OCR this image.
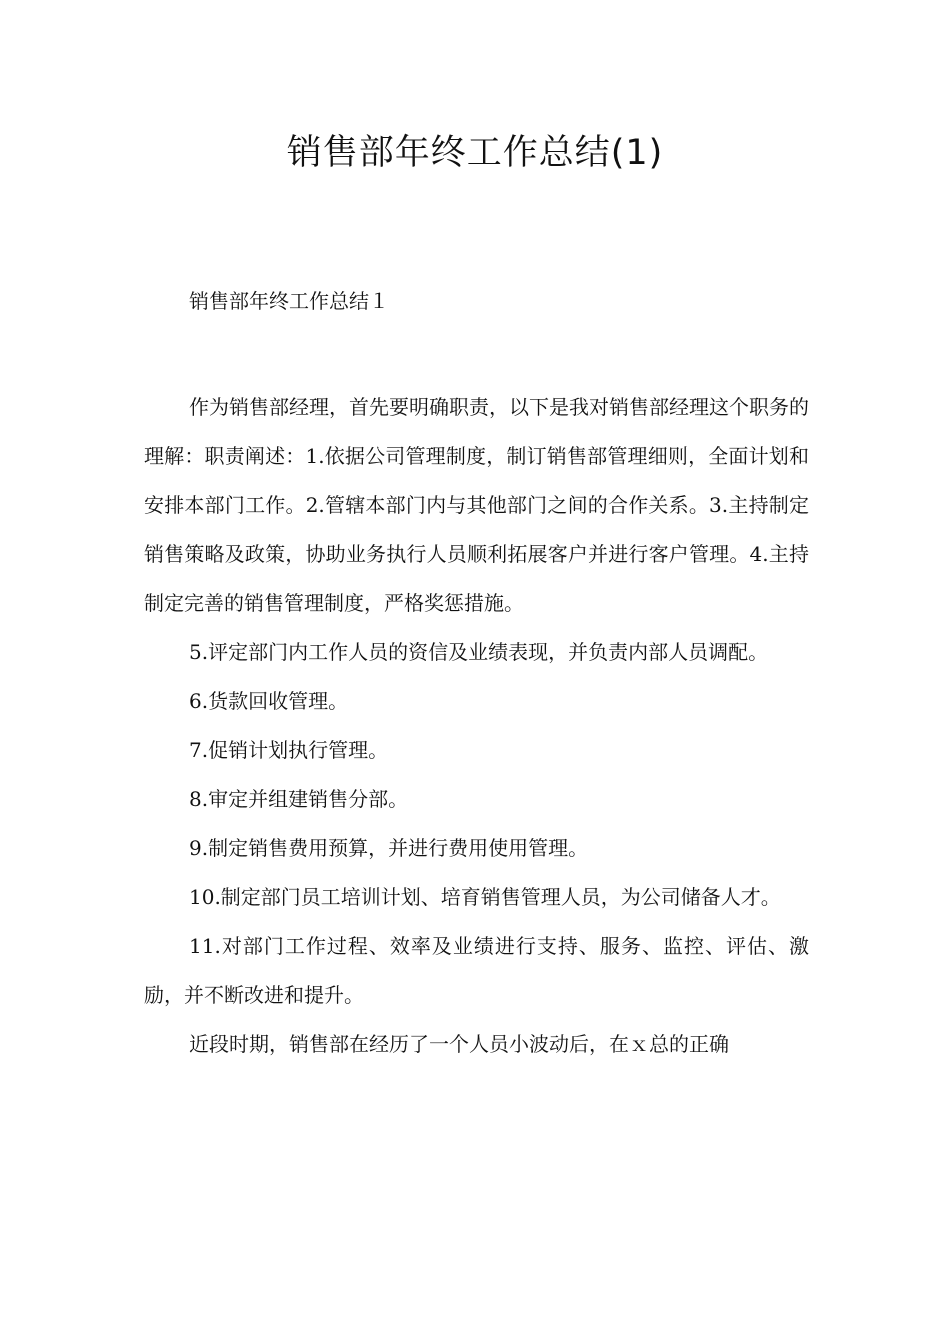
销售部年终工作总结(1)

销售部年终工作总结１

作为销售部经理，首先要明确职责，以下是我对销售部经理这个职务的理解：职责阐述：1.依据公司管理制度，制订销售部管理细则，全面计划和安排本部门工作。2.管辖本部门内与其他部门之间的合作关系。3.主持制定销售策略及政策，协助业务执行人员顺利拓展客户并进行客户管理。4.主持制定完善的销售管理制度，严格奖惩措施。

5.评定部门内工作人员的资信及业绩表现，并负责内部人员调配。

6.货款回收管理。

7.促销计划执行管理。

8.审定并组建销售分部。

9.制定销售费用预算，并进行费用使用管理。

10.制定部门员工培训计划、培育销售管理人员，为公司储备人才。

11.对部门工作过程、效率及业绩进行支持、服务、监控、评估、激励，并不断改进和提升。

近段时期，销售部在经历了一个人员小波动后，在ｘ总的正确
